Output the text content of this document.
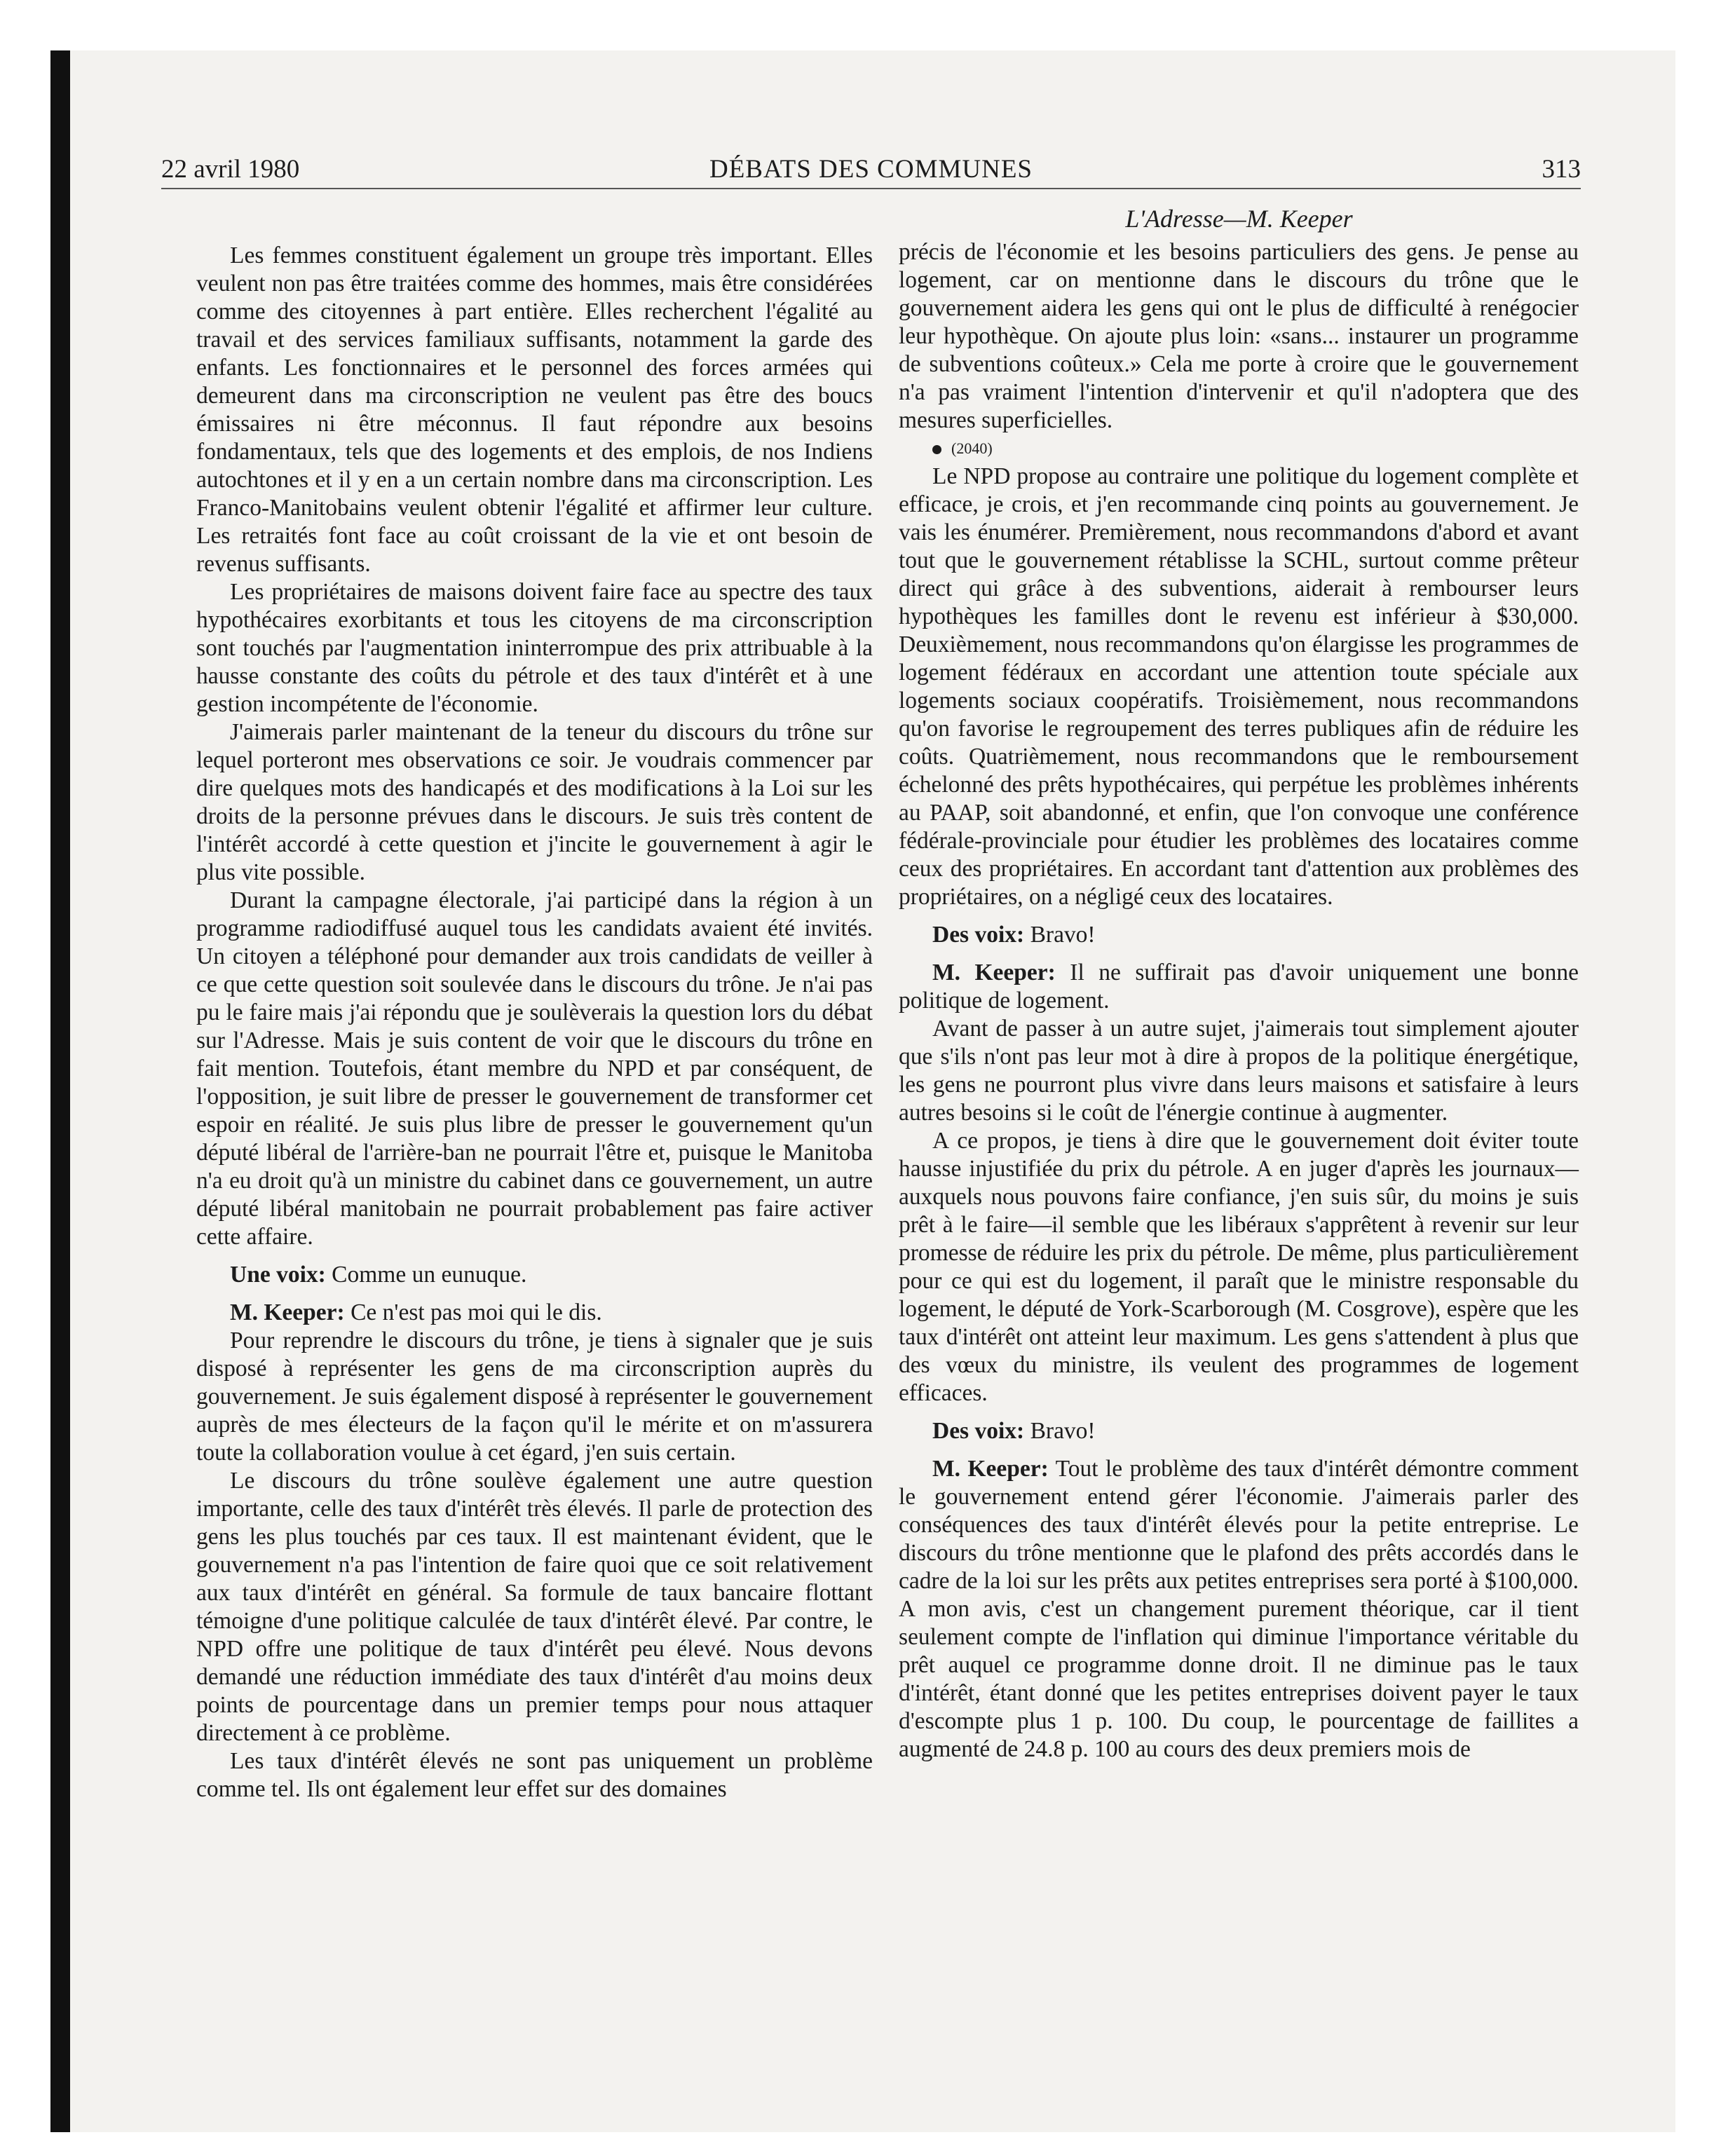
22 avril 1980	DÉBATS DES COMMUNES	313
L'Adresse—M. Keeper

Les femmes constituent également un groupe très important. Elles veulent non pas être traitées comme des hommes, mais être considérées comme des citoyennes à part entière. Elles recherchent l'égalité au travail et des services familiaux suffisants, notamment la garde des enfants. Les fonctionnaires et le personnel des forces armées qui demeurent dans ma circonscription ne veulent pas être des boucs émissaires ni être méconnus. Il faut répondre aux besoins fondamentaux, tels que des logements et des emplois, de nos Indiens autochtones et il y en a un certain nombre dans ma circonscription. Les Franco-Manitobains veulent obtenir l'égalité et affirmer leur culture. Les retraités font face au coût croissant de la vie et ont besoin de revenus suffisants.

Les propriétaires de maisons doivent faire face au spectre des taux hypothécaires exorbitants et tous les citoyens de ma circonscription sont touchés par l'augmentation ininterrompue des prix attribuable à la hausse constante des coûts du pétrole et des taux d'intérêt et à une gestion incompétente de l'économie.

J'aimerais parler maintenant de la teneur du discours du trône sur lequel porteront mes observations ce soir. Je voudrais commencer par dire quelques mots des handicapés et des modifications à la Loi sur les droits de la personne prévues dans le discours. Je suis très content de l'intérêt accordé à cette question et j'incite le gouvernement à agir le plus vite possible.

Durant la campagne électorale, j'ai participé dans la région à un programme radiodiffusé auquel tous les candidats avaient été invités. Un citoyen a téléphoné pour demander aux trois candidats de veiller à ce que cette question soit soulevée dans le discours du trône. Je n'ai pas pu le faire mais j'ai répondu que je soulèverais la question lors du débat sur l'Adresse. Mais je suis content de voir que le discours du trône en fait mention. Toutefois, étant membre du NPD et par conséquent, de l'opposition, je suit libre de presser le gouvernement de transformer cet espoir en réalité. Je suis plus libre de presser le gouvernement qu'un député libéral de l'arrière-ban ne pourrait l'être et, puisque le Manitoba n'a eu droit qu'à un ministre du cabinet dans ce gouvernement, un autre député libéral manitobain ne pourrait probablement pas faire activer cette affaire.

Une voix: Comme un eunuque.

M. Keeper: Ce n'est pas moi qui le dis.

Pour reprendre le discours du trône, je tiens à signaler que je suis disposé à représenter les gens de ma circonscription auprès du gouvernement. Je suis également disposé à représenter le gouvernement auprès de mes électeurs de la façon qu'il le mérite et on m'assurera toute la collaboration voulue à cet égard, j'en suis certain.

Le discours du trône soulève également une autre question importante, celle des taux d'intérêt très élevés. Il parle de protection des gens les plus touchés par ces taux. Il est maintenant évident, que le gouvernement n'a pas l'intention de faire quoi que ce soit relativement aux taux d'intérêt en général. Sa formule de taux bancaire flottant témoigne d'une politique calculée de taux d'intérêt élevé. Par contre, le NPD offre une politique de taux d'intérêt peu élevé. Nous devons demandé une réduction immédiate des taux d'intérêt d'au moins deux points de pourcentage dans un premier temps pour nous attaquer directement à ce problème.

Les taux d'intérêt élevés ne sont pas uniquement un problème comme tel. Ils ont également leur effet sur des domaines

précis de l'économie et les besoins particuliers des gens. Je pense au logement, car on mentionne dans le discours du trône que le gouvernement aidera les gens qui ont le plus de difficulté à renégocier leur hypothèque. On ajoute plus loin: «sans... instaurer un programme de subventions coûteux.» Cela me porte à croire que le gouvernement n'a pas vraiment l'intention d'intervenir et qu'il n'adoptera que des mesures superficielles.

(2040)

Le NPD propose au contraire une politique du logement complète et efficace, je crois, et j'en recommande cinq points au gouvernement. Je vais les énumérer. Premièrement, nous recommandons d'abord et avant tout que le gouvernement rétablisse la SCHL, surtout comme prêteur direct qui grâce à des subventions, aiderait à rembourser leurs hypothèques les familles dont le revenu est inférieur à $30,000. Deuxièmement, nous recommandons qu'on élargisse les programmes de logement fédéraux en accordant une attention toute spéciale aux logements sociaux coopératifs. Troisièmement, nous recommandons qu'on favorise le regroupement des terres publiques afin de réduire les coûts. Quatrièmement, nous recommandons que le remboursement échelonné des prêts hypothécaires, qui perpétue les problèmes inhérents au PAAP, soit abandonné, et enfin, que l'on convoque une conférence fédérale-provinciale pour étudier les problèmes des locataires comme ceux des propriétaires. En accordant tant d'attention aux problèmes des propriétaires, on a négligé ceux des locataires.

Des voix: Bravo!

M. Keeper: Il ne suffirait pas d'avoir uniquement une bonne politique de logement.

Avant de passer à un autre sujet, j'aimerais tout simplement ajouter que s'ils n'ont pas leur mot à dire à propos de la politique énergétique, les gens ne pourront plus vivre dans leurs maisons et satisfaire à leurs autres besoins si le coût de l'énergie continue à augmenter.

A ce propos, je tiens à dire que le gouvernement doit éviter toute hausse injustifiée du prix du pétrole. A en juger d'après les journaux—auxquels nous pouvons faire confiance, j'en suis sûr, du moins je suis prêt à le faire—il semble que les libéraux s'apprêtent à revenir sur leur promesse de réduire les prix du pétrole. De même, plus particulièrement pour ce qui est du logement, il paraît que le ministre responsable du logement, le député de York-Scarborough (M. Cosgrove), espère que les taux d'intérêt ont atteint leur maximum. Les gens s'attendent à plus que des vœux du ministre, ils veulent des programmes de logement efficaces.

Des voix: Bravo!

M. Keeper: Tout le problème des taux d'intérêt démontre comment le gouvernement entend gérer l'économie. J'aimerais parler des conséquences des taux d'intérêt élevés pour la petite entreprise. Le discours du trône mentionne que le plafond des prêts accordés dans le cadre de la loi sur les prêts aux petites entreprises sera porté à $100,000. A mon avis, c'est un changement purement théorique, car il tient seulement compte de l'inflation qui diminue l'importance véritable du prêt auquel ce programme donne droit. Il ne diminue pas le taux d'intérêt, étant donné que les petites entreprises doivent payer le taux d'escompte plus 1 p. 100. Du coup, le pourcentage de faillites a augmenté de 24.8 p. 100 au cours des deux premiers mois de
